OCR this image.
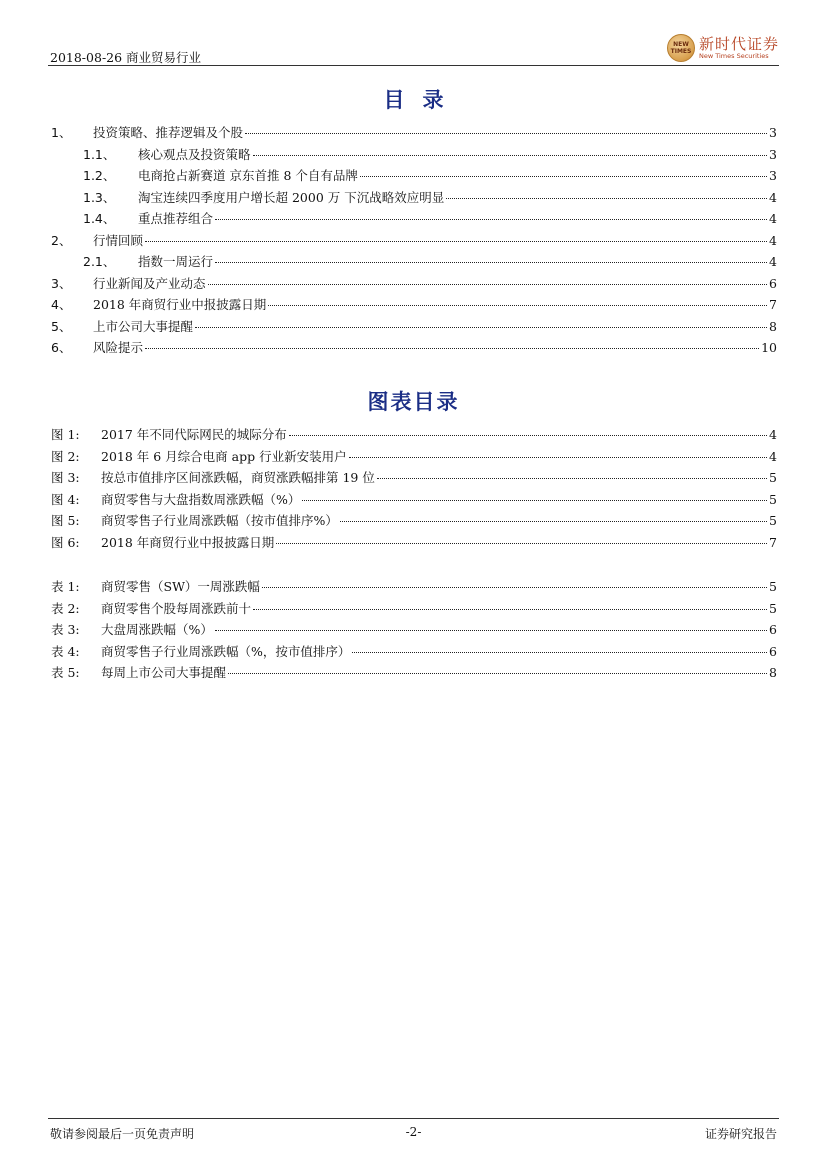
2018-08-26 商业贸易行业
NEW
TIMES 新时代证券
New Times Securities
目录
1、	投资策略、推荐逻辑及个股	3
1.1、	核心观点及投资策略	3
1.2、	电商抢占新赛道 京东首推 8 个自有品牌	3
1.3、	淘宝连续四季度用户增长超 2000 万 下沉战略效应明显	4
1.4、	重点推荐组合	4
2、	行情回顾	4
2.1、	指数一周运行	4
3、	行业新闻及产业动态	6
4、	2018 年商贸行业中报披露日期	7
5、	上市公司大事提醒	8
6、	风险提示	10
图表目录
图 1:	2017 年不同代际网民的城际分布	4
图 2:	2018 年 6 月综合电商 app 行业新安装用户	4
图 3:	按总市值排序区间涨跌幅，商贸涨跌幅排第 19 位	5
图 4:	商贸零售与大盘指数周涨跌幅（%）	5
图 5:	商贸零售子行业周涨跌幅（按市值排序%）	5
图 6:	2018 年商贸行业中报披露日期	7
表 1:	商贸零售（SW）一周涨跌幅	5
表 2:	商贸零售个股每周涨跌前十	5
表 3:	大盘周涨跌幅（%）	6
表 4:	商贸零售子行业周涨跌幅（%，按市值排序）	6
表 5:	每周上市公司大事提醒	8
敬请参阅最后一页免责声明	-2-	证券研究报告
